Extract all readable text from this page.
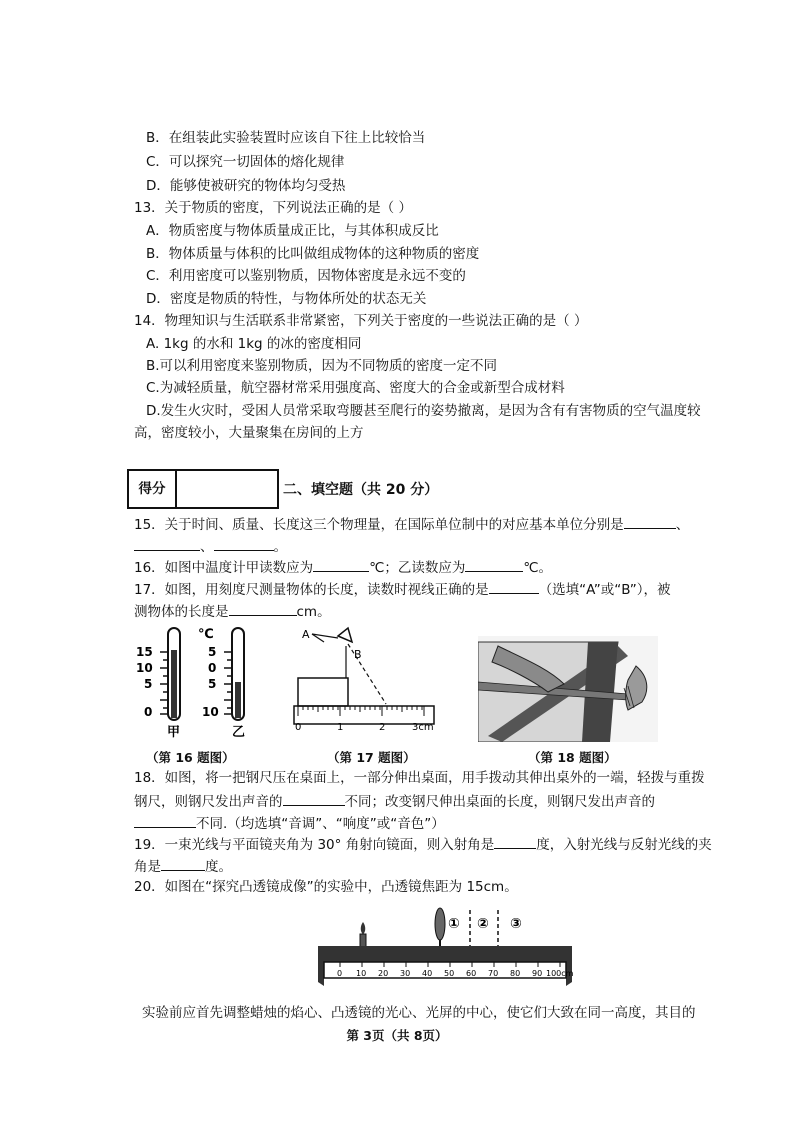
B．在组装此实验装置时应该自下往上比较恰当
C．可以探究一切固体的熔化规律
D．能够使被研究的物体均匀受热
13．关于物质的密度，下列说法正确的是（ ）
A．物质密度与物体质量成正比，与其体积成反比
B．物体质量与体积的比叫做组成物体的这种物质的密度
C．利用密度可以鉴别物质，因物体密度是永远不变的
D．密度是物质的特性，与物体所处的状态无关
14．物理知识与生活联系非常紧密，下列关于密度的一些说法正确的是（ ）
A. 1kg 的水和 1kg 的冰的密度相同
B.可以利用密度来鉴别物质，因为不同物质的密度一定不同
C.为减轻质量，航空器材常采用强度高、密度大的合金或新型合成材料
D.发生火灾时，受困人员常采取弯腰甚至爬行的姿势撤离，是因为含有有害物质的空气温度较
高，密度较小，大量聚集在房间的上方
得分	二、填空题（共 20 分）
15．关于时间、质量、长度这三个物理量，在国际单位制中的对应基本单位分别是	、
、	。
16．如图中温度计甲读数应为	℃；乙读数应为	℃。
17．如图，用刻度尺测量物体的长度，读数时视线正确的是	（选填“A”或“B”），被
测物体的长度是	cm。
℃
15
10
5
0
甲
5
0
5
10
乙
A
B
0	1	2	3cm
（第 16 题图）	（第 17 题图）	（第 18 题图）
18．如图，将一把钢尺压在桌面上，一部分伸出桌面，用手拨动其伸出桌外的一端，轻拨与重拨
钢尺，则钢尺发出声音的	不同；改变钢尺伸出桌面的长度，则钢尺发出声音的
不同.（均选填“音调”、“响度”或“音色”）
19．一束光线与平面镜夹角为 30° 角射向镜面，则入射角是	度，入射光线与反射光线的夹
角是	度。
20．如图在“探究凸透镜成像”的实验中，凸透镜焦距为 15cm。
① ② ③
0 10 20 30 40 50 60 70 80 90 100cm
实验前应首先调整蜡烛的焰心、凸透镜的光心、光屏的中心，使它们大致在同一高度，其目的
第 3页（共 8页）
